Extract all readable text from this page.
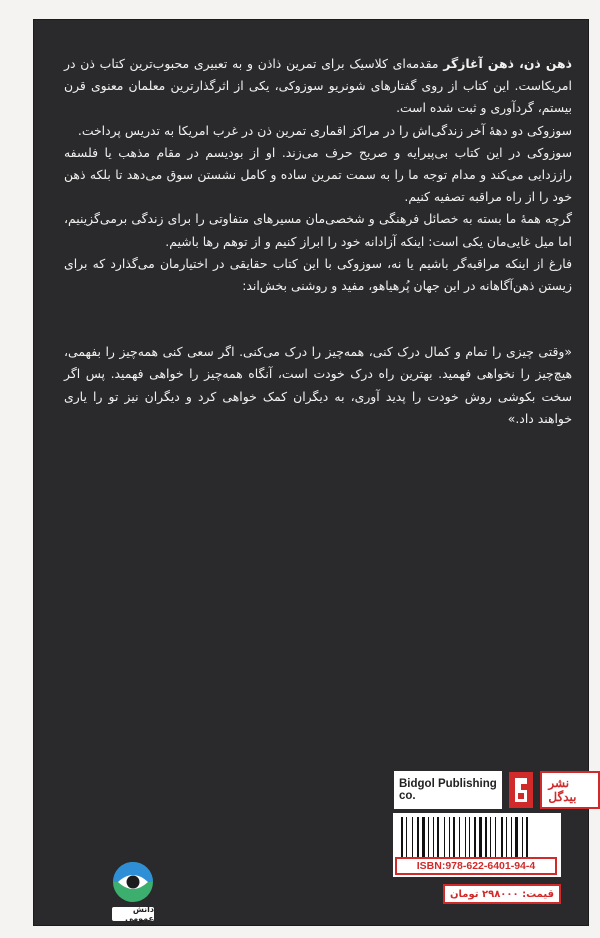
ذهن ذن، ذهن آغازگر مقدمه‌ای کلاسیک برای تمرین ذاذن و به تعبیری محبوب‌ترین کتاب ذن در امریکاست. این کتاب از روی گفتارهای شونریو سوزوکی، یکی از اثرگذارترین معلمان معنوی قرن بیستم، گردآوری و ثبت شده است.

سوزوکی دو دهۀ آخر زندگی‌اش را در مراکز اقماری تمرین ذن در غرب امریکا به تدریس پرداخت.

سوزوکی در این کتاب بی‌پیرایه و صریح حرف می‌زند. او از بودیسم در مقام مذهب یا فلسفه راززدایی می‌کند و مدام توجه ما را به سمت تمرین ساده و کامل نشستن سوق می‌دهد تا بلکه ذهن خود را از راه مراقبه تصفیه کنیم.

گرچه همۀ ما بسته به خصائل فرهنگی و شخصی‌مان مسیرهای متفاوتی را برای زندگی برمی‌گزینیم، اما میل غایی‌مان یکی است: اینکه آزادانه خود را ابراز کنیم و از توهم رها باشیم.

فارغ از اینکه مراقبه‌گر باشیم یا نه، سوزوکی با این کتاب حقایقی در اختیارمان می‌گذارد که برای زیستن ذهن‌آگاهانه در این جهان پُرهیاهو، مفید و روشنی بخش‌اند:

«وقتی چیزی را تمام و کمال درک کنی، همه‌چیز را درک می‌کنی. اگر سعی کنی همه‌چیز را بفهمی، هیچ‌چیز را نخواهی فهمید. بهترین راه درک خودت است، آنگاه همه‌چیز را خواهی فهمید. پس اگر سخت بکوشی روش خودت را پدید آوری، به دیگران کمک خواهی کرد و دیگران نیز تو را یاری خواهند داد.»

دانش عمومی
Bidgol Publishing co.
نشر بیدگل
ISBN:978-622-6401-94-4
قیمت: ۲۹۸۰۰۰ تومان
